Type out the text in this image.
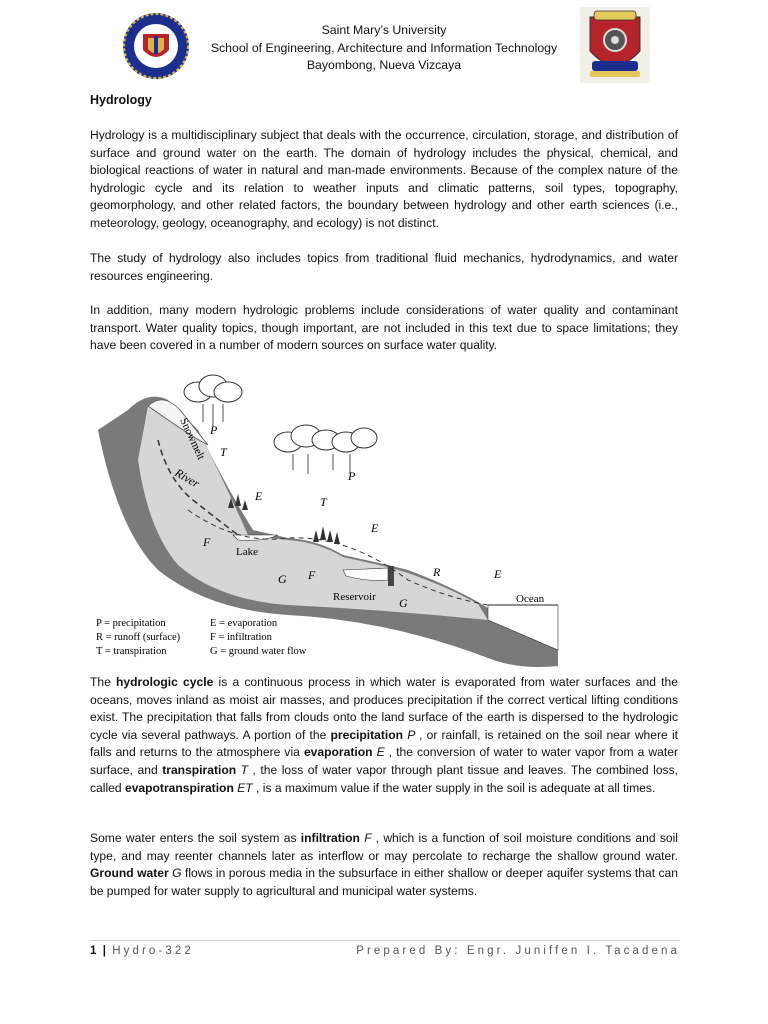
Saint Mary’s University
School of Engineering, Architecture and Information Technology
Bayombong, Nueva Vizcaya
Hydrology
Hydrology is a multidisciplinary subject that deals with the occurrence, circulation, storage, and distribution of surface and ground water on the earth. The domain of hydrology includes the physical, chemical, and biological reactions of water in natural and man-made environments. Because of the complex nature of the hydrologic cycle and its relation to weather inputs and climatic patterns, soil types, topography, geomorphology, and other related factors, the boundary between hydrology and other earth sciences (i.e., meteorology, geology, oceanography, and ecology) is not distinct.
The study of hydrology also includes topics from traditional fluid mechanics, hydrodynamics, and water resources engineering.
In addition, many modern hydrologic problems include considerations of water quality and contaminant transport. Water quality topics, though important, are not included in this text due to space limitations; they have been covered in a number of modern sources on surface water quality.
Snowmelt
River
Lake
Reservoir	Ocean
P
P
T
T
E
E
E
F
F
G
G
R
P = precipitation
R = runoff (surface)
T = transpiration
E = evaporation
F = infiltration
G = ground water flow
The hydrologic cycle is a continuous process in which water is evaporated from water surfaces and the oceans, moves inland as moist air masses, and produces precipitation if the correct vertical lifting conditions exist. The precipitation that falls from clouds onto the land surface of the earth is dispersed to the hydrologic cycle via several pathways. A portion of the precipitation P , or rainfall, is retained on the soil near where it falls and returns to the atmosphere via evaporation E , the conversion of water to water vapor from a water surface, and transpiration T , the loss of water vapor through plant tissue and leaves. The combined loss, called evapotranspiration ET , is a maximum value if the water supply in the soil is adequate at all times.
Some water enters the soil system as infiltration F , which is a function of soil moisture conditions and soil type, and may reenter channels later as interflow or may percolate to recharge the shallow ground water. Ground water G flows in porous media in the subsurface in either shallow or deeper aquifer systems that can be pumped for water supply to agricultural and municipal water systems.
1 | Hydro-322	Prepared By: Engr. Juniffen I. Tacadena
